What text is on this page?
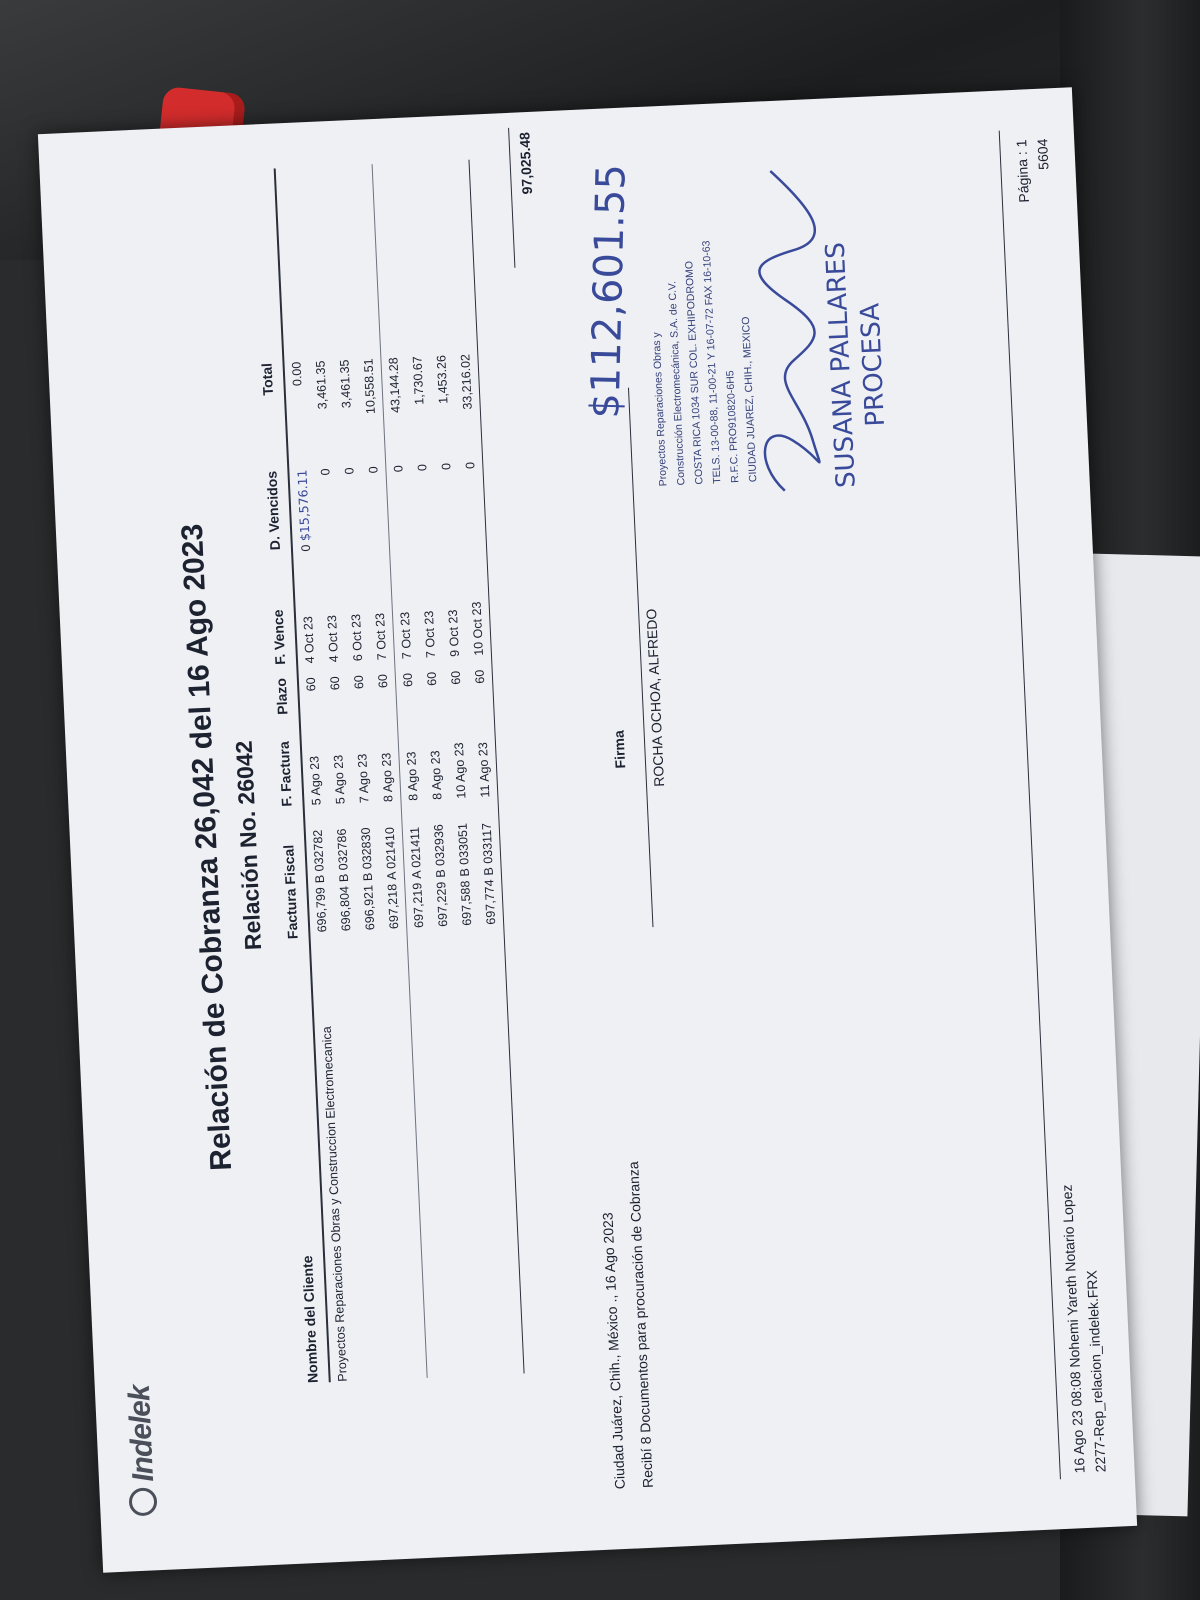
Indelek
Relación de Cobranza 26,042 del 16 Ago 2023
Relación No. 26042
Nombre del Cliente
Factura
Fiscal
F. Factura
Plazo
F. Vence
D. Vencidos
Total
Proyectos Reparaciones Obras y Construccion Electromecanica
696,799
B 032782
5 Ago 23
60
4 Oct 23
0 $15,576.11
0.00
696,804
B 032786
5 Ago 23
60
4 Oct 23
0
3,461.35
696,921
B 032830
7 Ago 23
60
6 Oct 23
0
3,461.35
697,218
A 021410
8 Ago 23
60
7 Oct 23
0
10,558.51
697,219
A 021411
8 Ago 23
60
7 Oct 23
0
43,144.28
697,229
B 032936
8 Ago 23
60
7 Oct 23
0
1,730.67
697,588
B 033051
10 Ago 23
60
9 Oct 23
0
1,453.26
697,774
B 033117
11 Ago 23
60
10 Oct 23
0
33,216.02
97,025.48
Ciudad Juárez, Chih., México ., 16 Ago 2023
Recibí 8 Documentos para procuración de Cobranza
Firma ROCHA OCHOA, ALFREDO
$112,601.55	Proyectos Reparaciones Obras y
Construcción Electromecánica, S.A. de C.V.
COSTA RICA 1034 SUR COL. EXHIPODROMO
TELS. 13-00-88, 11-00-21 Y 16-07-72 FAX 16-10-63 R.F.C. PRO910820-6H5
CIUDAD JUAREZ, CHIH., MEXICO SUSANA PALLARES
PROCESA
16 Ago 23 08:08 Nohemi Yareth Notario Lopez
2277-Rep_relacion_indelek.FRX
Página : 1 5604
